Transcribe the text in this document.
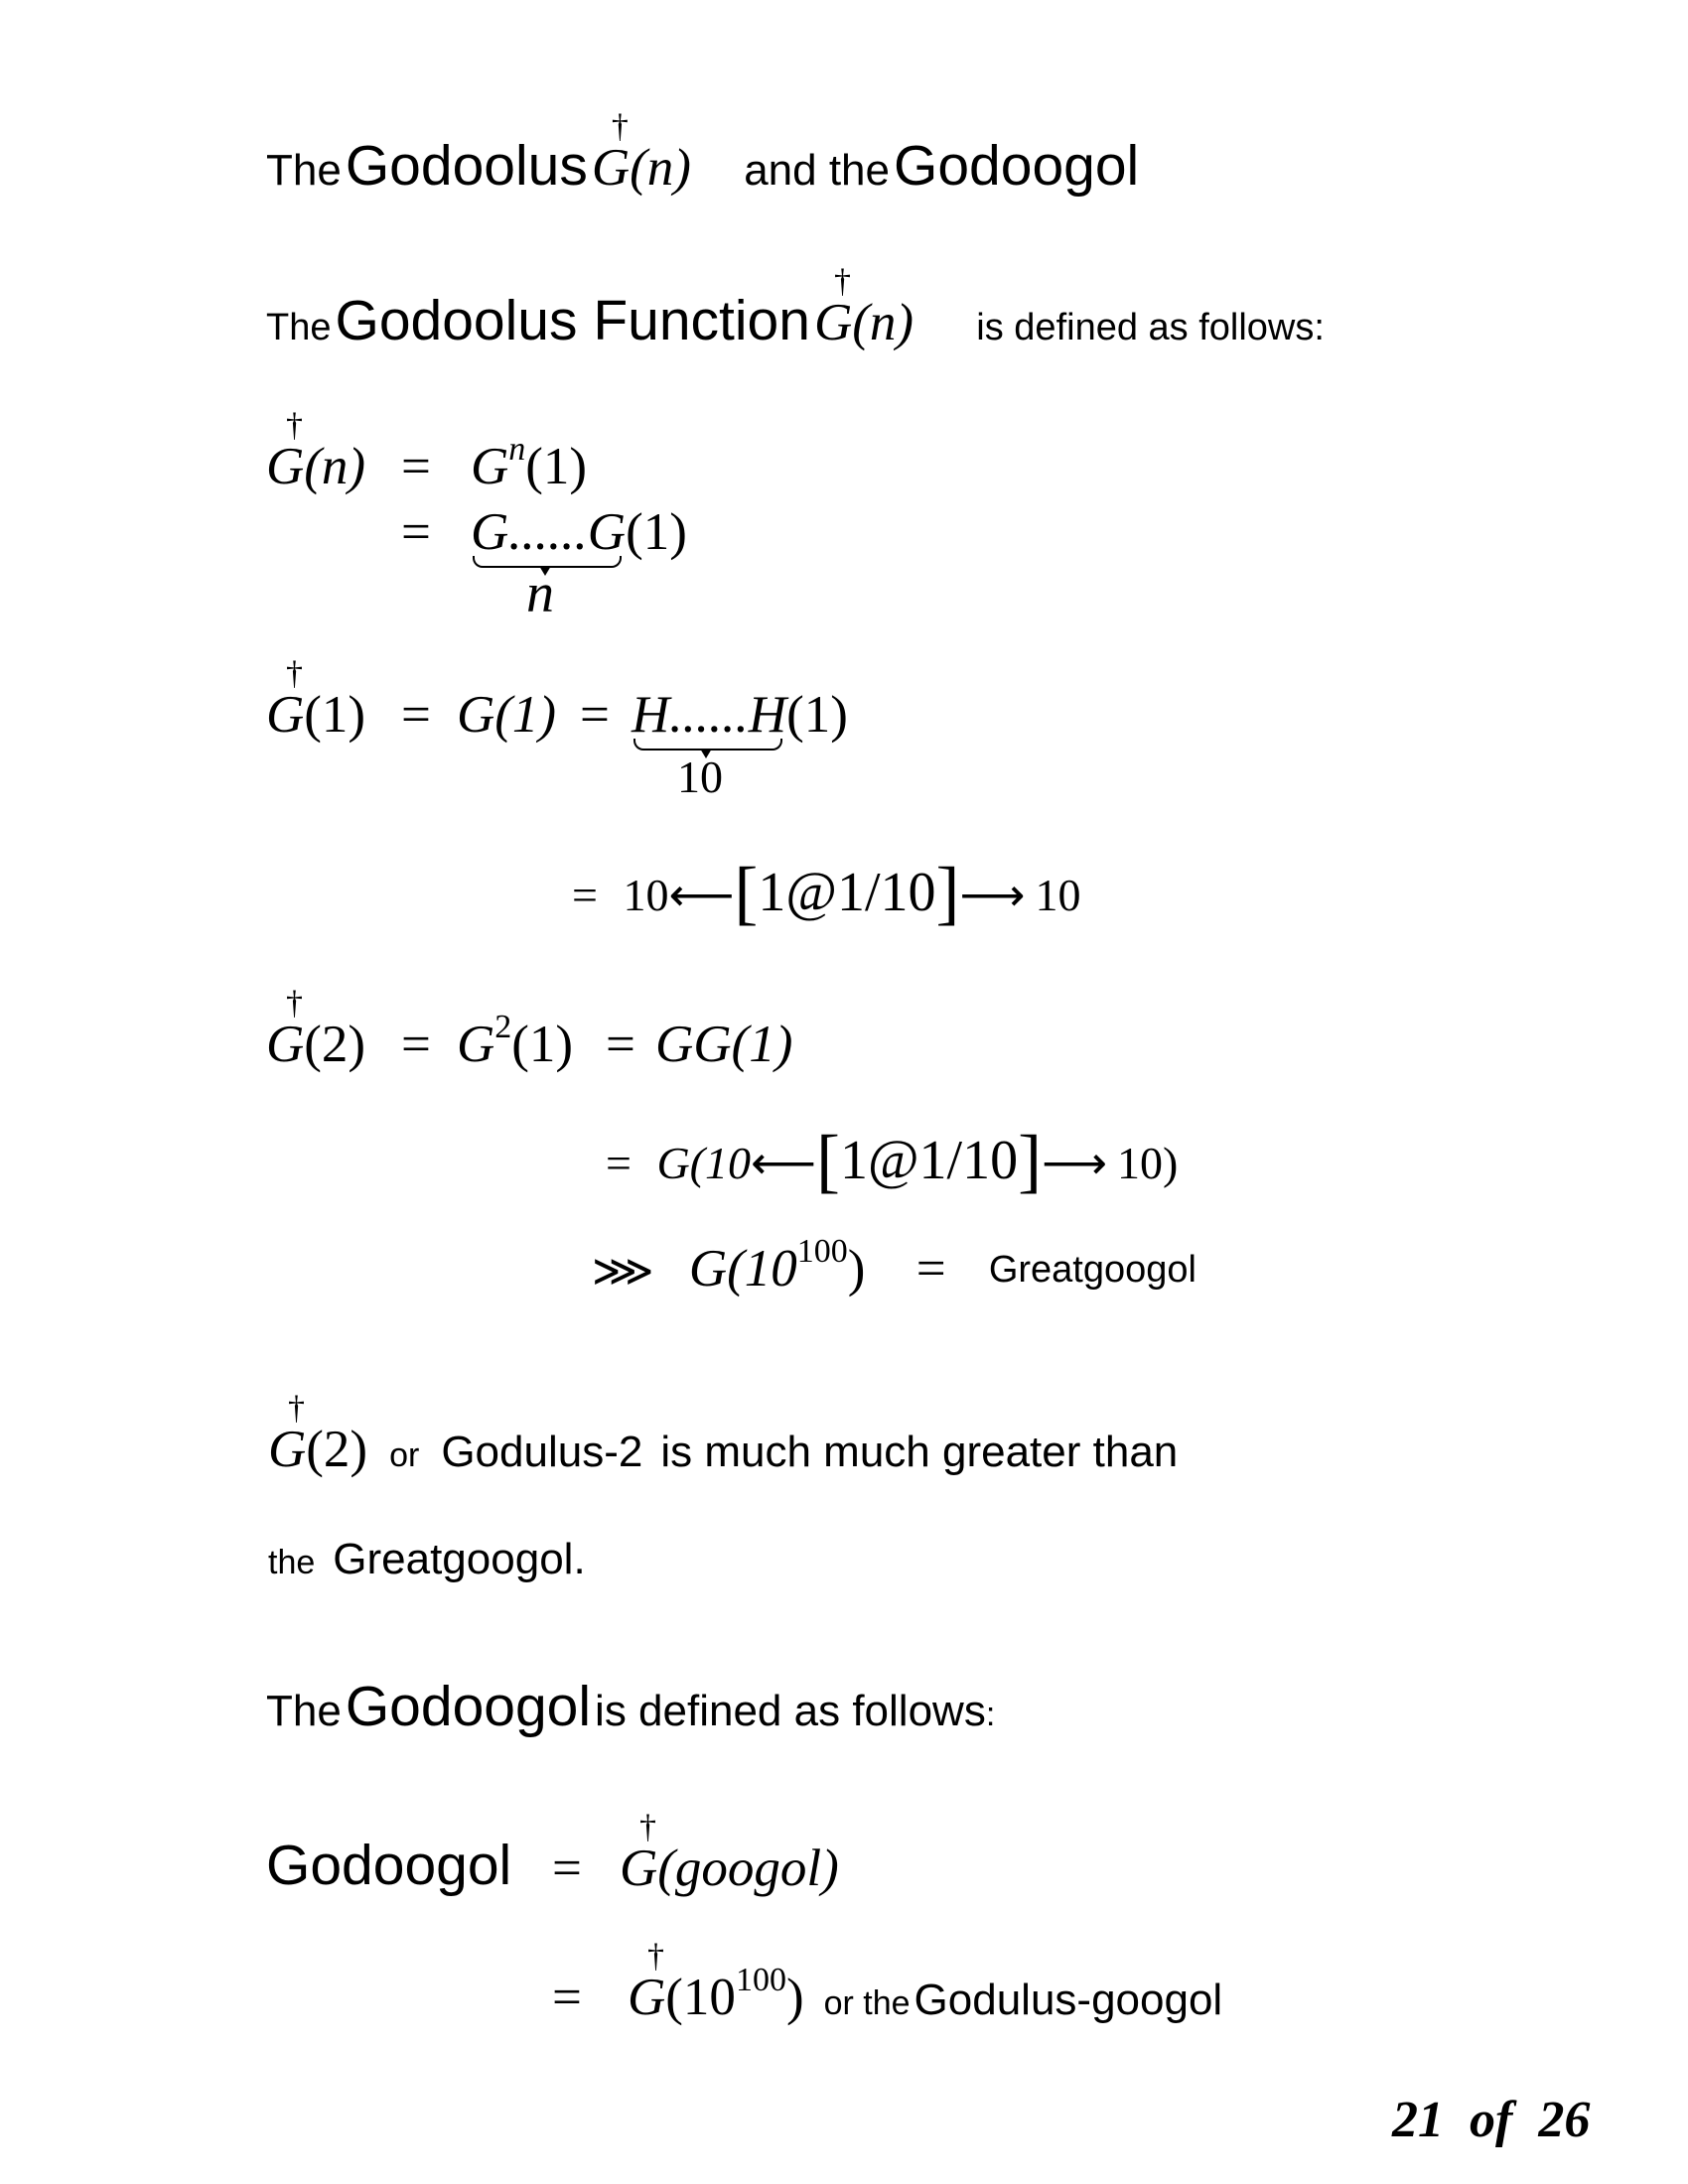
The Godoolus G
†
(n) and the Godoogol
The Godoolus Function G
†
(n) is defined as follows:
G
†
$(n) = G^n(1)$
= G......G(1)
n
G
†
(1) = G(1) = H......H(1)
10
= 10⟵[1@1/10]⟶ 10
G
†
$(2) = G^2(1) = GG(1)$
= G(10⟵[1@1/10]⟶ 10)
⋙ $G(10^{100})$ = Greatgoogol
G
†
(2) or Godulus-2 is much much greater than
the Greatgoogol.
The Godoogol is defined as follows:
Godoogol = G
†
(googol)
= G
†
$(10^{100})$ or the Godulus-googol
21  of  26
